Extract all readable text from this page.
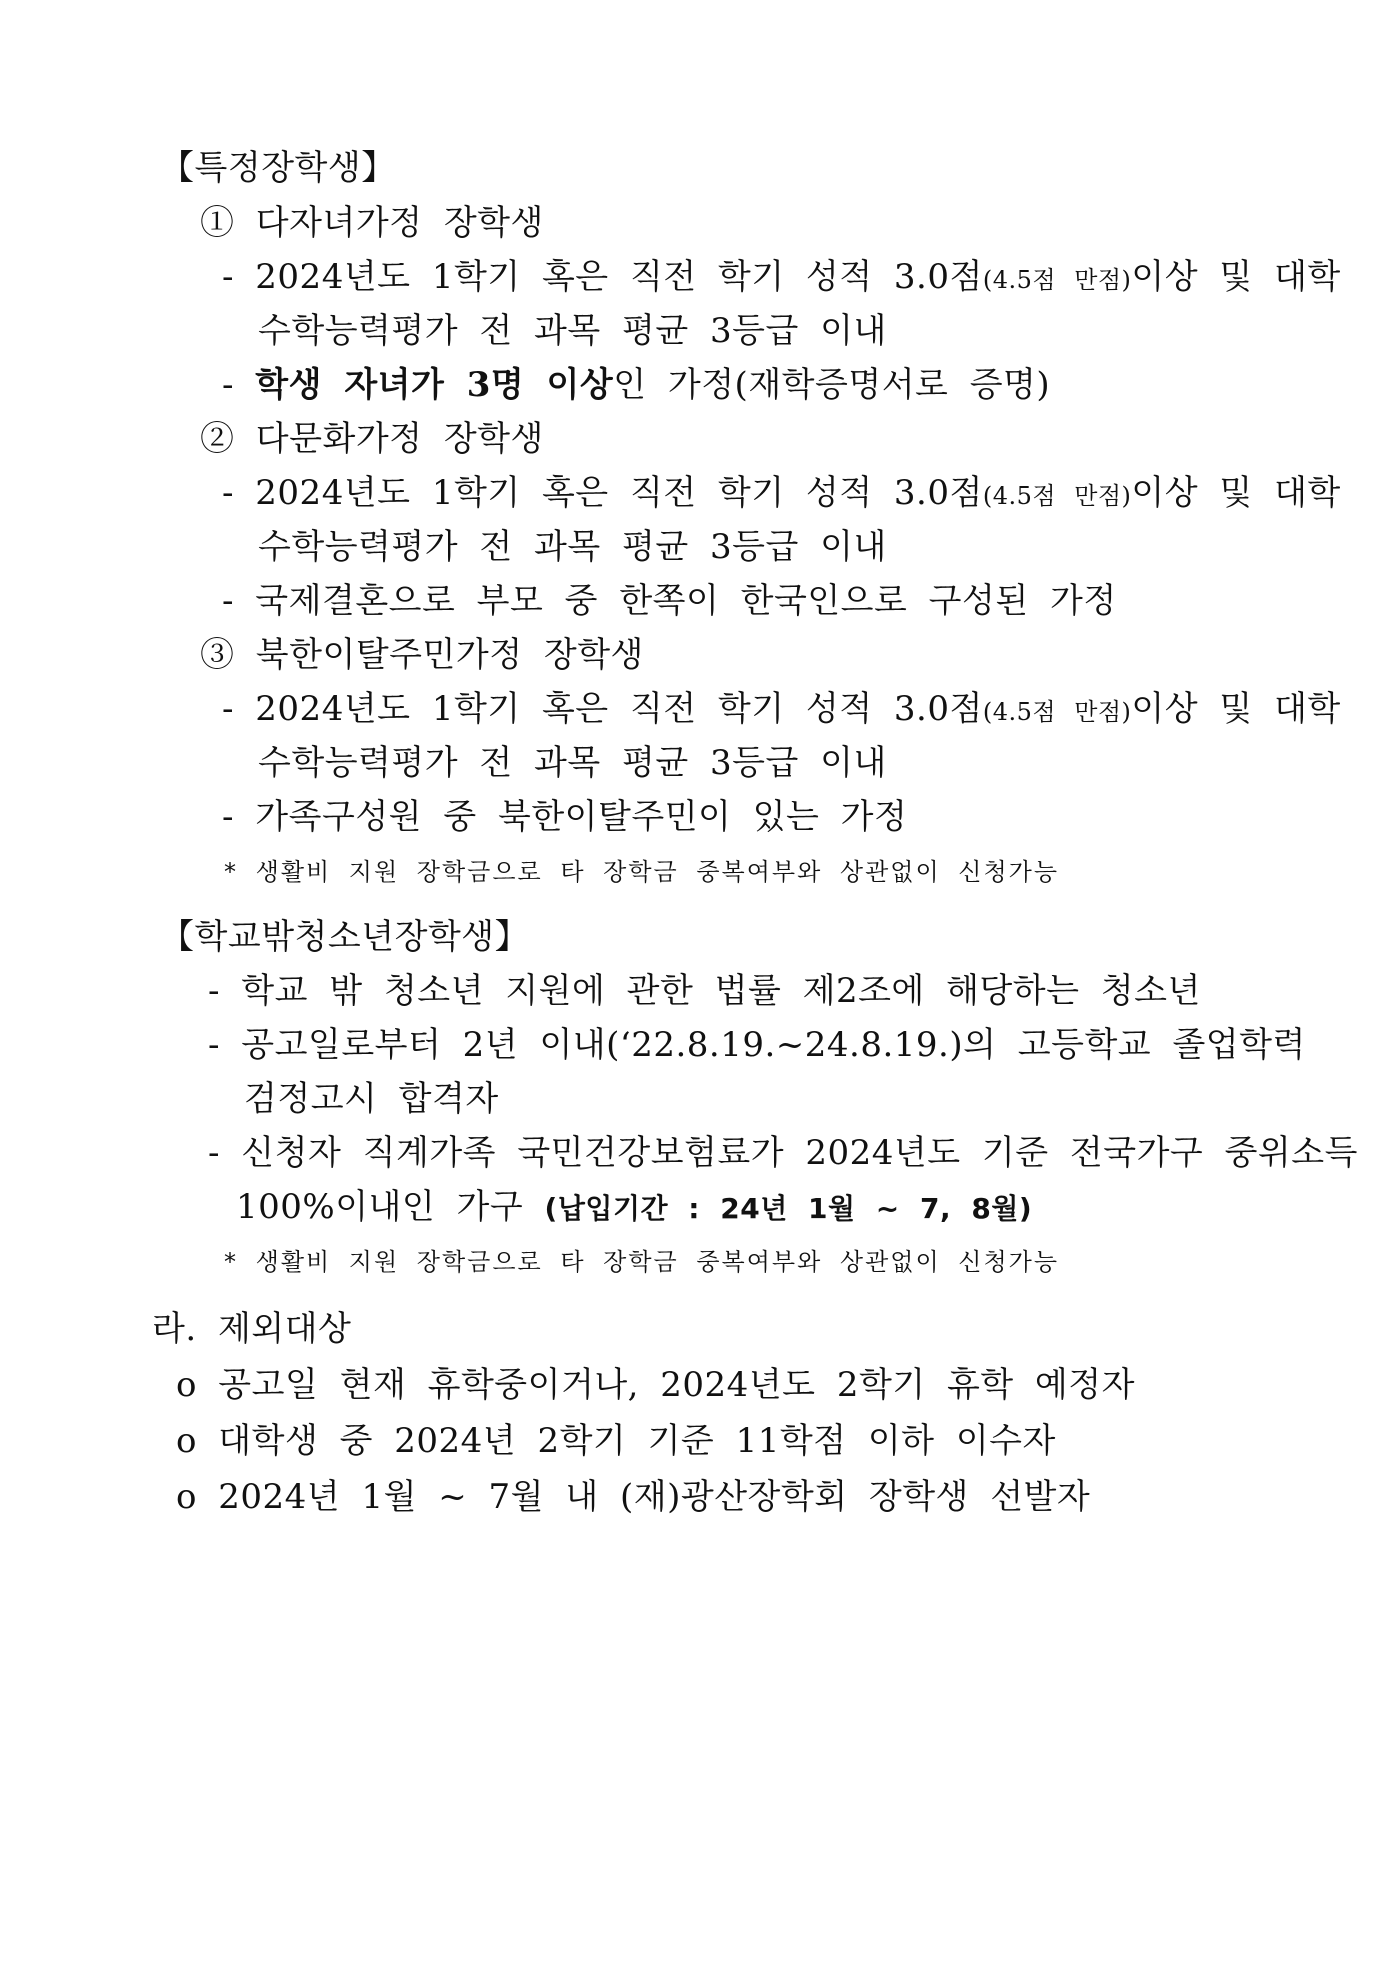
【특정장학생】
① 다자녀가정 장학생
- 2024년도 1학기 혹은 직전 학기 성적 3.0점(4.5점 만점)이상 및 대학
수학능력평가 전 과목 평균 3등급 이내
- 학생 자녀가 3명 이상인 가정(재학증명서로 증명)
② 다문화가정 장학생
- 2024년도 1학기 혹은 직전 학기 성적 3.0점(4.5점 만점)이상 및 대학
수학능력평가 전 과목 평균 3등급 이내
- 국제결혼으로 부모 중 한쪽이 한국인으로 구성된 가정
③ 북한이탈주민가정 장학생
- 2024년도 1학기 혹은 직전 학기 성적 3.0점(4.5점 만점)이상 및 대학
수학능력평가 전 과목 평균 3등급 이내
- 가족구성원 중 북한이탈주민이 있는 가정
* 생활비 지원 장학금으로 타 장학금 중복여부와 상관없이 신청가능
【학교밖청소년장학생】
- 학교 밖 청소년 지원에 관한 법률 제2조에 해당하는 청소년
- 공고일로부터 2년 이내(‘22.8.19.~24.8.19.)의 고등학교 졸업학력
검정고시 합격자
- 신청자 직계가족 국민건강보험료가 2024년도 기준 전국가구 중위소득
100%이내인 가구 (납입기간 : 24년 1월 ~ 7, 8월)
* 생활비 지원 장학금으로 타 장학금 중복여부와 상관없이 신청가능
라. 제외대상
o 공고일 현재 휴학중이거나, 2024년도 2학기 휴학 예정자
o 대학생 중 2024년 2학기 기준 11학점 이하 이수자
o 2024년 1월 ~ 7월 내 (재)광산장학회 장학생 선발자
